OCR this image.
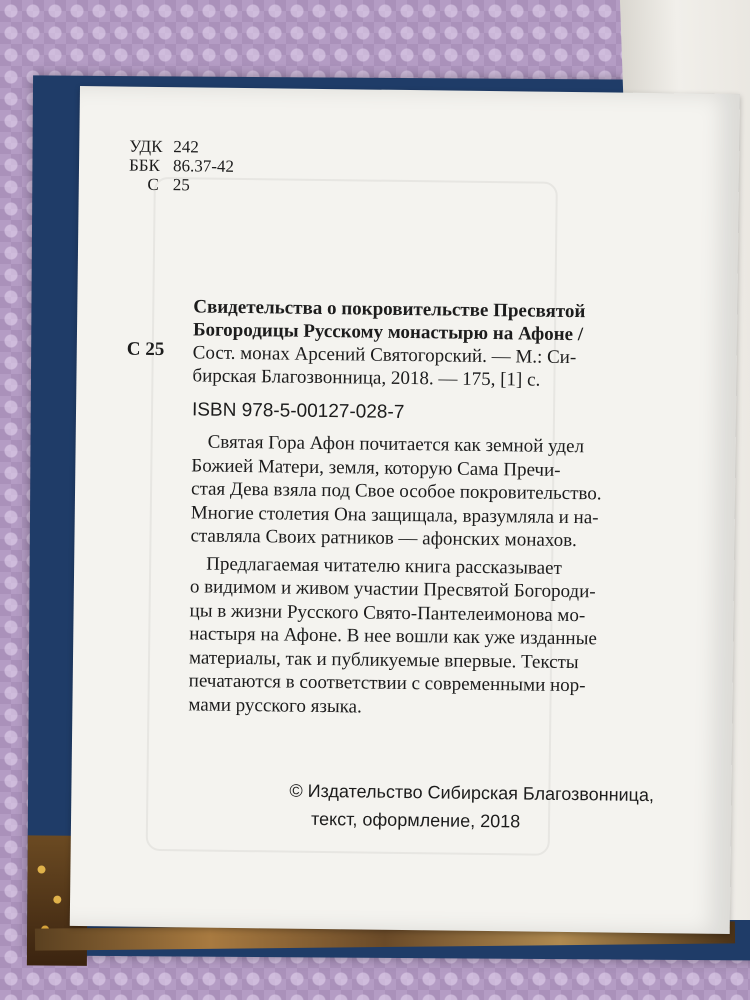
УДК 242
ББК 86.37-42
С 25
С 25
Свидетельства о покровительстве Пресвятой
Богородицы Русскому монастырю на Афоне /
Сост. монах Арсений Святогорский. — М.: Си-
бирская Благозвонница, 2018. — 175, [1] с.
ISBN 978-5-00127-028-7

Святая Гора Афон почитается как земной удел
Божией Матери, земля, которую Сама Пречи-
стая Дева взяла под Свое особое покровительство.
Многие столетия Она защищала, вразумляла и на-
ставляла Своих ратников — афонских монахов.

Предлагаемая читателю книга рассказывает
о видимом и живом участии Пресвятой Богороди-
цы в жизни Русского Свято-Пантелеимонова мо-
настыря на Афоне. В нее вошли как уже изданные
материалы, так и публикуемые впервые. Тексты
печатаются в соответствии с современными нор-
мами русского языка.

© Издательство Сибирская Благозвонница,
текст, оформление, 2018
